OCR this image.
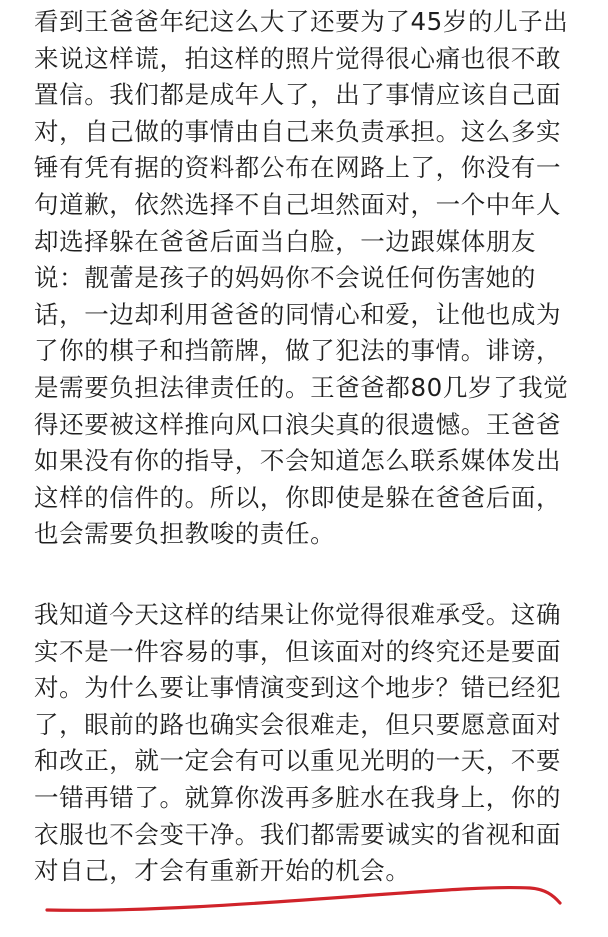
看到王爸爸年纪这么大了还要为了45岁的儿子出
来说这样谎，拍这样的照片觉得很心痛也很不敢
置信。我们都是成年人了，出了事情应该自己面
对，自己做的事情由自己来负责承担。这么多实
锤有凭有据的资料都公布在网路上了，你没有一
句道歉，依然选择不自己坦然面对，一个中年人
却选择躲在爸爸后面当白脸，一边跟媒体朋友
说：靓蕾是孩子的妈妈你不会说任何伤害她的
话，一边却利用爸爸的同情心和爱，让他也成为
了你的棋子和挡箭牌，做了犯法的事情。诽谤，
是需要负担法律责任的。王爸爸都80几岁了我觉
得还要被这样推向风口浪尖真的很遗憾。王爸爸
如果没有你的指导，不会知道怎么联系媒体发出
这样的信件的。所以，你即使是躲在爸爸后面，
也会需要负担教唆的责任。
我知道今天这样的结果让你觉得很难承受。这确
实不是一件容易的事，但该面对的终究还是要面
对。为什么要让事情演变到这个地步？错已经犯
了，眼前的路也确实会很难走，但只要愿意面对
和改正，就一定会有可以重见光明的一天，不要
一错再错了。就算你泼再多脏水在我身上，你的
衣服也不会变干净。我们都需要诚实的省视和面
对自己，才会有重新开始的机会。
